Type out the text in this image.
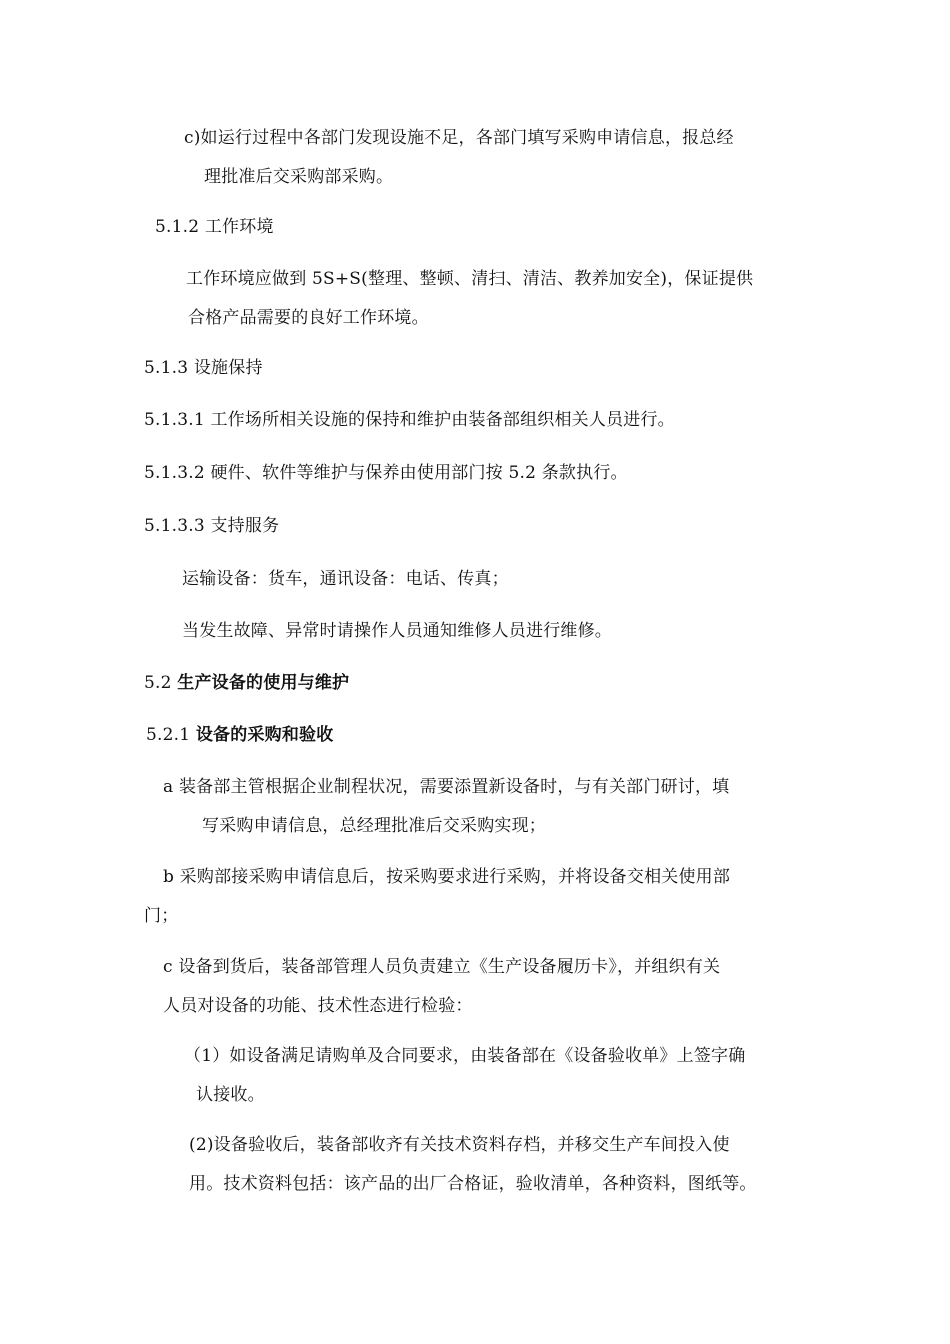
c)如运行过程中各部门发现设施不足，各部门填写采购申请信息，报总经
理批准后交采购部采购。
5.1.2 工作环境
工作环境应做到 5S+S(整理、整顿、清扫、清洁、教养加安全)，保证提供
合格产品需要的良好工作环境。
5.1.3 设施保持
5.1.3.1 工作场所相关设施的保持和维护由装备部组织相关人员进行。
5.1.3.2 硬件、软件等维护与保养由使用部门按 5.2 条款执行。
5.1.3.3 支持服务
运输设备：货车，通讯设备：电话、传真；
当发生故障、异常时请操作人员通知维修人员进行维修。
5.2 生产设备的使用与维护
5.2.1 设备的采购和验收
a 装备部主管根据企业制程状况，需要添置新设备时，与有关部门研讨，填
写采购申请信息，总经理批准后交采购实现；
b 采购部接采购申请信息后，按采购要求进行采购，并将设备交相关使用部
门；
c 设备到货后，装备部管理人员负责建立《生产设备履历卡》，并组织有关
人员对设备的功能、技术性态进行检验：
（1）如设备满足请购单及合同要求，由装备部在《设备验收单》上签字确
认接收。
(2)设备验收后，装备部收齐有关技术资料存档，并移交生产车间投入使
用。技术资料包括：该产品的出厂合格证，验收清单，各种资料，图纸等。
